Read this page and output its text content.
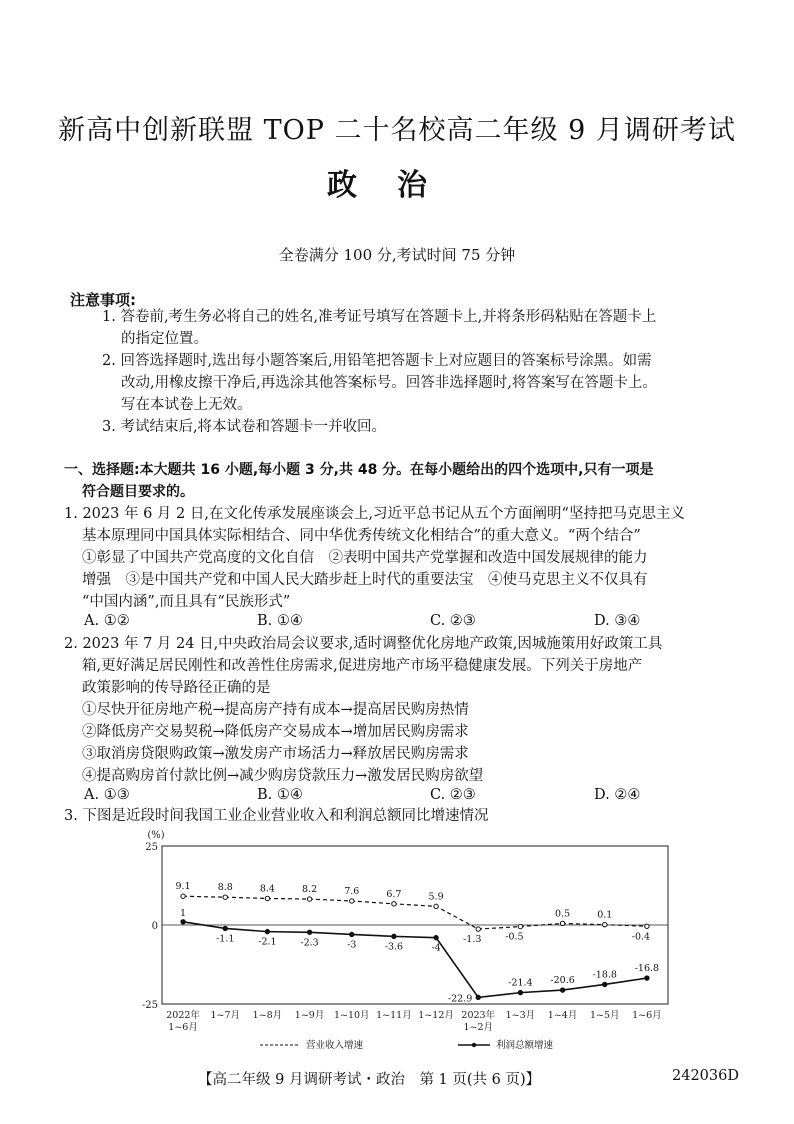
新高中创新联盟 TOP 二十名校高二年级 9 月调研考试
政治
全卷满分 100 分,考试时间 75 分钟
注意事项:
1. 答卷前,考生务必将自己的姓名,准考证号填写在答题卡上,并将条形码粘贴在答题卡上
的指定位置。
2. 回答选择题时,选出每小题答案后,用铅笔把答题卡上对应题目的答案标号涂黑。如需
改动,用橡皮擦干净后,再选涂其他答案标号。回答非选择题时,将答案写在答题卡上。
写在本试卷上无效。
3. 考试结束后,将本试卷和答题卡一并收回。
一、选择题:本大题共 16 小题,每小题 3 分,共 48 分。在每小题给出的四个选项中,只有一项是
符合题目要求的。
1. 2023 年 6 月 2 日,在文化传承发展座谈会上,习近平总书记从五个方面阐明“坚持把马克思主义
基本原理同中国具体实际相结合、同中华优秀传统文化相结合”的重大意义。“两个结合”
①彰显了中国共产党高度的文化自信　②表明中国共产党掌握和改造中国发展规律的能力
增强　③是中国共产党和中国人民大踏步赶上时代的重要法宝　④使马克思主义不仅具有
“中国内涵”,而且具有“民族形式”
A. ①②	B. ①④	C. ②③	D. ③④
2. 2023 年 7 月 24 日,中央政治局会议要求,适时调整优化房地产政策,因城施策用好政策工具
箱,更好满足居民刚性和改善性住房需求,促进房地产市场平稳健康发展。下列关于房地产
政策影响的传导路径正确的是
①尽快开征房地产税→提高房产持有成本→提高居民购房热情
②降低房产交易契税→降低房产交易成本→增加居民购房需求
③取消房贷限购政策→激发房产市场活力→释放居民购房需求
④提高购房首付款比例→减少购房贷款压力→激发居民购房欲望
A. ①③	B. ①④	C. ②③	D. ②④
3. 下图是近段时间我国工业企业营业收入和利润总额同比增速情况
(%)
25
0
-25
2022年
1~6月
1~7月 1~8月 1~9月 1~10月 1~11月 1~12月 2023年
1~2月
1~3月 1~4月 1~5月 1~6月
9.1	8.8	8.4	8.2	7.6	6.7	5.9
-1.3	-0.5
0.5	0.1
-0.4
1
-1.1	-2.1	-2.3	-3	-3.6	-4
-22.9
-21.4 -20.6
-18.8
-16.8
营业收入增速	利润总额增速
【高二年级 9 月调研考试・政治　第 1 页(共 6 页)】	242036D
